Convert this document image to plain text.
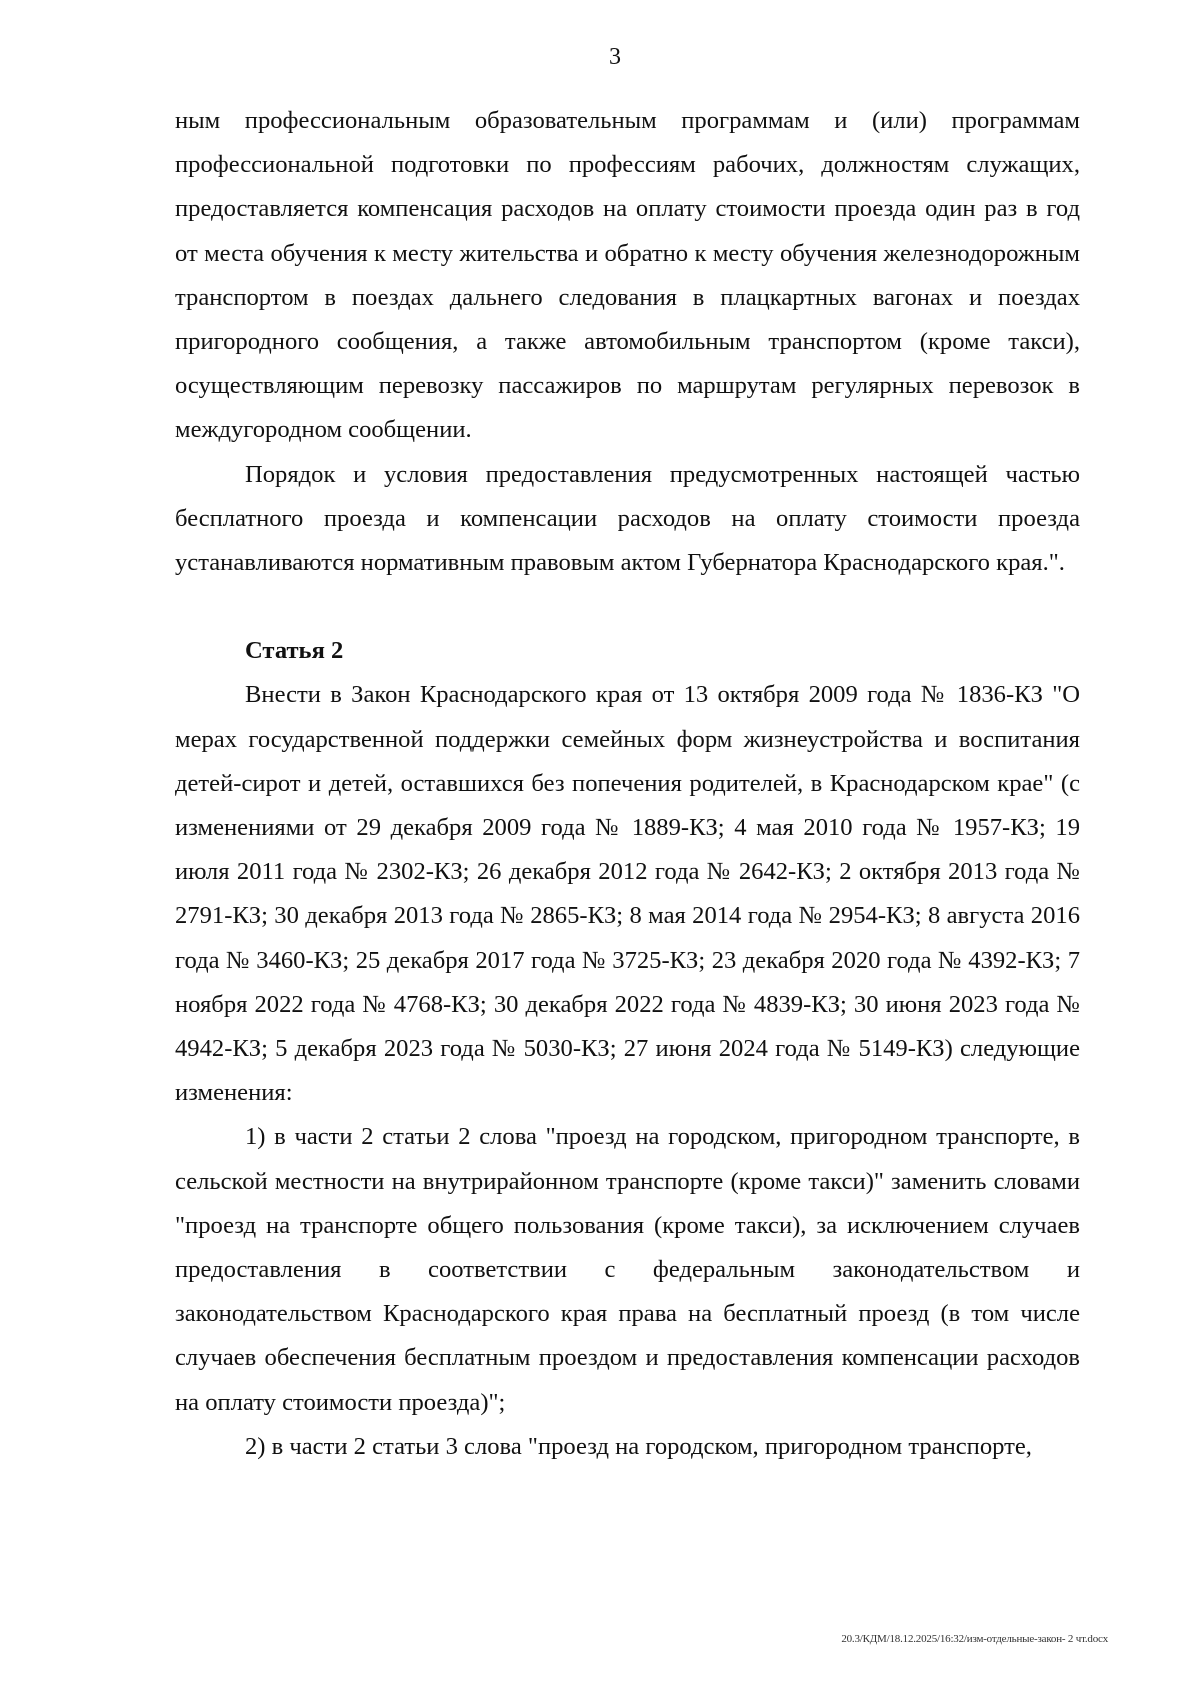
3

ным профессиональным образовательным программам и (или) программам профессиональной подготовки по профессиям рабочих, должностям служащих, предоставляется компенсация расходов на оплату стоимости проезда один раз в год от места обучения к месту жительства и обратно к месту обучения железнодорожным транспортом в поездах дальнего следования в плацкартных вагонах и поездах пригородного сообщения, а также автомобильным транспортом (кроме такси), осуществляющим перевозку пассажиров по маршрутам регулярных перевозок в междугородном сообщении.

Порядок и условия предоставления предусмотренных настоящей частью бесплатного проезда и компенсации расходов на оплату стоимости проезда устанавливаются нормативным правовым актом Губернатора Краснодарского края.".

Статья 2

Внести в Закон Краснодарского края от 13 октября 2009 года № 1836-КЗ "О мерах государственной поддержки семейных форм жизнеустройства и воспитания детей-сирот и детей, оставшихся без попечения родителей, в Краснодарском крае" (с изменениями от 29 декабря 2009 года № 1889-КЗ; 4 мая 2010 года № 1957-КЗ; 19 июля 2011 года № 2302-КЗ; 26 декабря 2012 года № 2642-КЗ; 2 октября 2013 года № 2791-КЗ; 30 декабря 2013 года № 2865-КЗ; 8 мая 2014 года № 2954-КЗ; 8 августа 2016 года № 3460-КЗ; 25 декабря 2017 года № 3725-КЗ; 23 декабря 2020 года № 4392-КЗ; 7 ноября 2022 года № 4768-КЗ; 30 декабря 2022 года № 4839-КЗ; 30 июня 2023 года № 4942-КЗ; 5 декабря 2023 года № 5030-КЗ; 27 июня 2024 года № 5149-КЗ) следующие изменения:

1) в части 2 статьи 2 слова "проезд на городском, пригородном транспорте, в сельской местности на внутрирайонном транспорте (кроме такси)" заменить словами "проезд на транспорте общего пользования (кроме такси), за исключением случаев предоставления в соответствии с федеральным законодательством и законодательством Краснодарского края права на бесплатный проезд (в том числе случаев обеспечения бесплатным проездом и предоставления компенсации расходов на оплату стоимости проезда)";

2) в части 2 статьи 3 слова "проезд на городском, пригородном транспорте,

20.3/КДМ/18.12.2025/16:32/изм-отдельные-закон- 2 чт.docx
